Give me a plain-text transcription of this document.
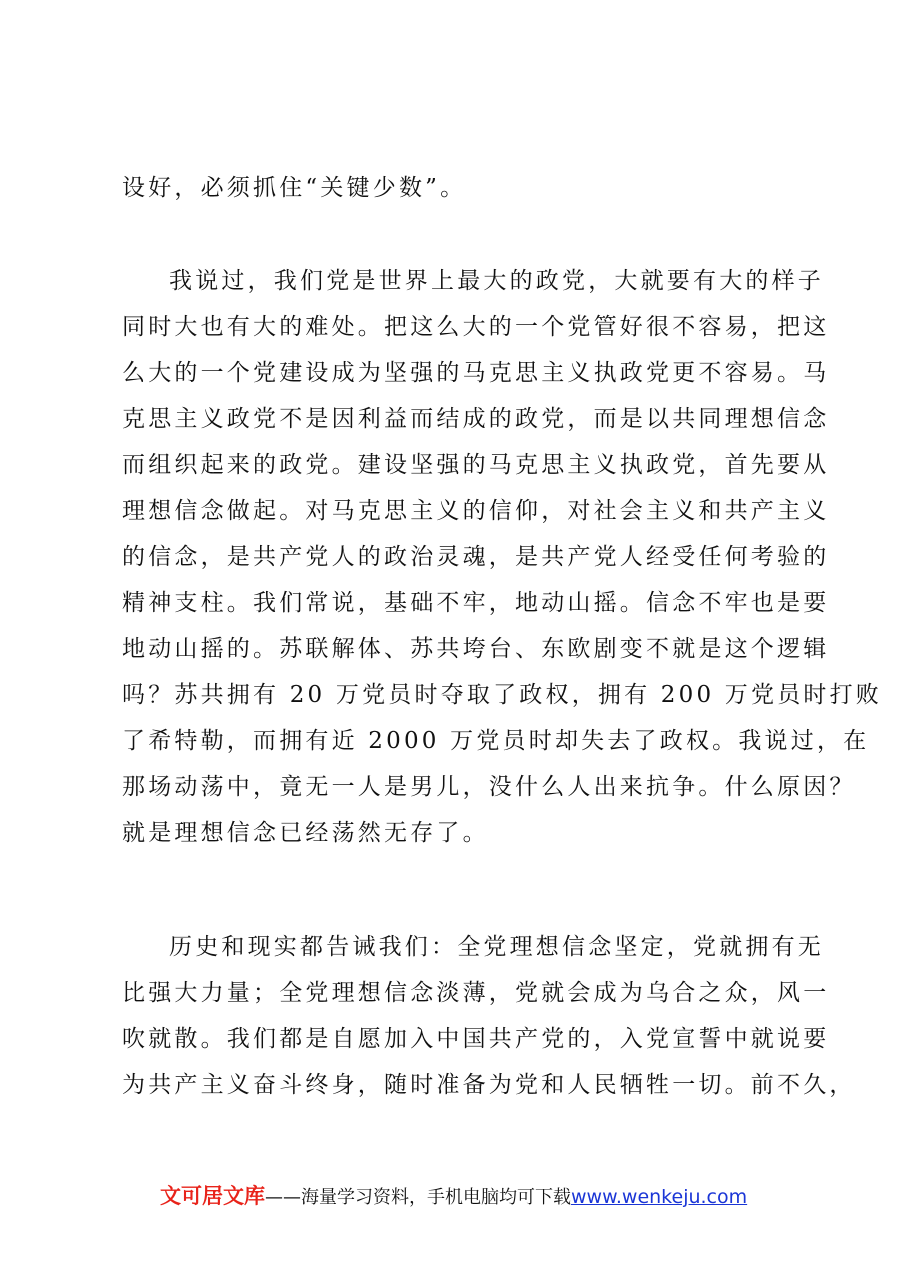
设好，必须抓住“关键少数”。
我说过，我们党是世界上最大的政党，大就要有大的样子
同时大也有大的难处。把这么大的一个党管好很不容易，把这
么大的一个党建设成为坚强的马克思主义执政党更不容易。马
克思主义政党不是因利益而结成的政党，而是以共同理想信念
而组织起来的政党。建设坚强的马克思主义执政党，首先要从
理想信念做起。对马克思主义的信仰，对社会主义和共产主义
的信念，是共产党人的政治灵魂，是共产党人经受任何考验的
精神支柱。我们常说，基础不牢，地动山摇。信念不牢也是要
地动山摇的。苏联解体、苏共垮台、东欧剧变不就是这个逻辑
吗？苏共拥有 20 万党员时夺取了政权，拥有 200 万党员时打败
了希特勒，而拥有近 2000 万党员时却失去了政权。我说过，在
那场动荡中，竟无一人是男儿，没什么人出来抗争。什么原因？
就是理想信念已经荡然无存了。
历史和现实都告诫我们：全党理想信念坚定，党就拥有无
比强大力量；全党理想信念淡薄，党就会成为乌合之众，风一
吹就散。我们都是自愿加入中国共产党的，入党宣誓中就说要
为共产主义奋斗终身，随时准备为党和人民牺牲一切。前不久，
文可居文库——海量学习资料，手机电脑均可下载www.wenkeju.com
